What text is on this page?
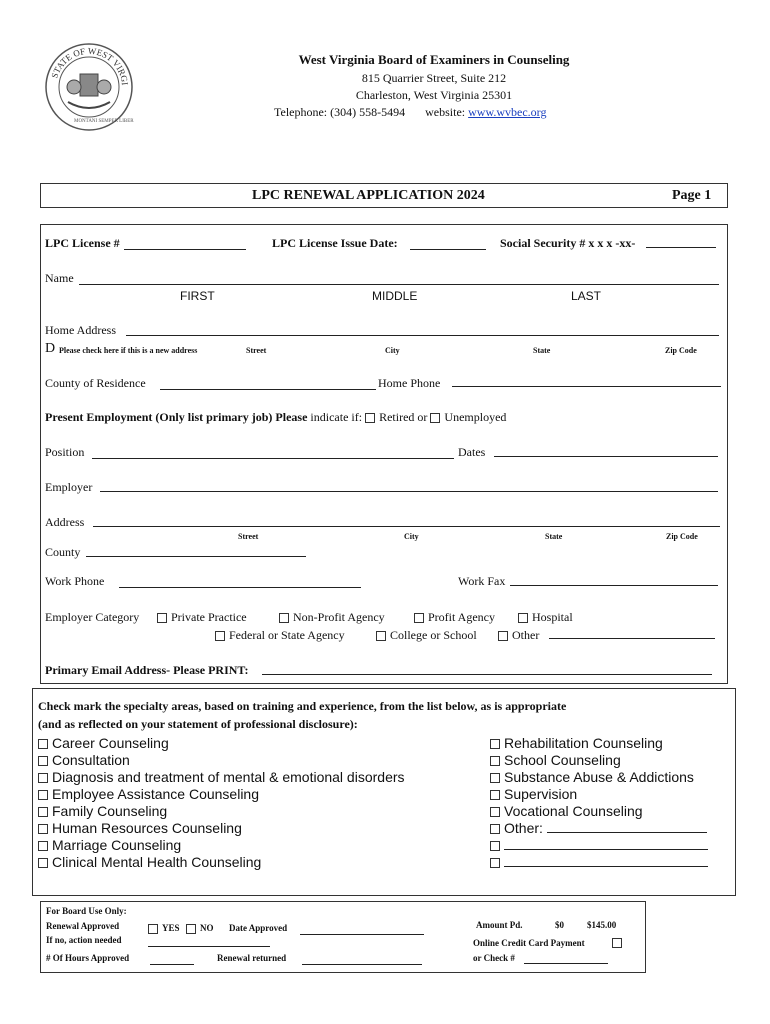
STATE OF WEST VIRGI
MONTANI SEMPER LIBERI
West Virginia Board of Examiners in Counseling
815 Quarrier Street, Suite 212
Charleston, West Virginia 25301
Telephone: (304) 558-5494 website: www.wvbec.org
LPC RENEWAL APPLICATION 2024	Page 1
LPC License #	LPC License Issue Date:	Social Security # x x x -xx-
Name
FIRST	MIDDLE	LAST
Home Address
D Please check here if this is a new address	Street	City	State	Zip Code
County of Residence	Home Phone
Present Employment (Only list primary job) Please indicate if: Retired or Unemployed
Position	Dates
Employer
Address
Street	City	State	Zip Code
County
Work Phone	Work Fax
Employer Category	Private Practice	Non-Profit Agency	Profit Agency	Hospital
Federal or State Agency	College or School	Other
Primary Email Address- Please PRINT:
Check mark the specialty areas, based on training and experience, from the list below, as is appropriate
(and as reflected on your statement of professional disclosure):
Career Counseling
Consultation
Diagnosis and treatment of mental & emotional disorders
Employee Assistance Counseling
Family Counseling
Human Resources Counseling
Marriage Counseling
Clinical Mental Health Counseling
Rehabilitation Counseling
School Counseling
Substance Abuse & Addictions
Supervision
Vocational Counseling
Other:
For Board Use Only:
Renewal Approved	YES	NO Date Approved
If no, action needed
# Of Hours Approved	Renewal returned
Amount Pd.	$0	$145.00
Online Credit Card Payment
or Check #
